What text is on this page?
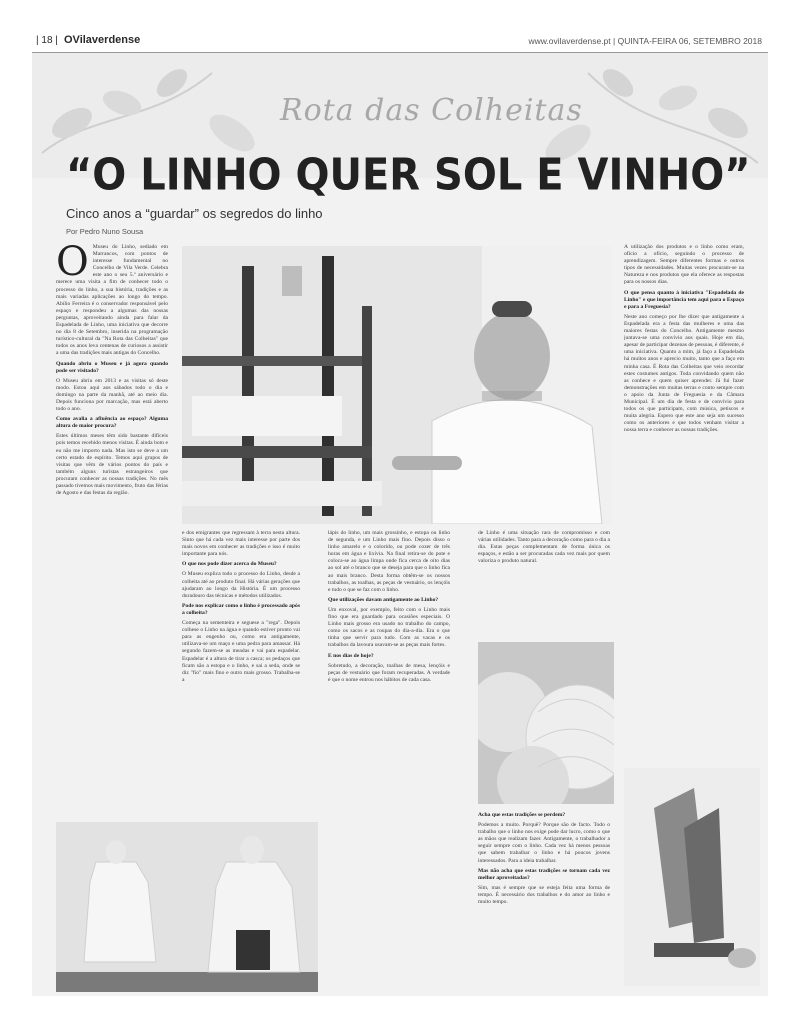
| 18 | OVilaverdense	www.ovilaverdense.pt | QUINTA-FEIRA 06, SETEMBRO 2018
Rota das Colheitas
“O LINHO QUER SOL E VINHO”
Cinco anos a “guardar” os segredos do linho
Por Pedro Nuno Sousa

O Museu do Linho, sediado em Marrancos, com pontos de interesse fundamental no Concelho de Vila Verde. Celebra este ano o seu 5.º aniversário e merece uma visita a fim de conhecer todo o processo do linho, a sua história, tradições e as mais variadas aplicações ao longo do tempo. Abílio Ferreira é o conservador responsável pelo espaço e respondeu a algumas das nossas perguntas, aproveitando ainda para falar da Espadelada de Linho, uma iniciativa que decorre no dia 8 de Setembro, inserida na programação turístico-cultural da "Na Rota das Colheitas" que todos os anos leva centenas de curiosos a assistir a uma das tradições mais antigas do Concelho.

Quando abriu o Museu e já agora quando pode ser visitado?

O Museu abriu em 2013 e as visitas só deste modo. Estou aqui aos sábados todo o dia e domingo na parte da manhã, até ao meio dia. Depois funciona por marcação, mas está aberto todo o ano.

Como avalia a afluência ao espaço? Alguma altura de maior procura?

Estes últimos meses têm sido bastante difíceis pois temos recebido menos visitas. É ainda bom e eu não me importo nada. Mas isto se deve a um certo estado de espírito. Temos aqui grupos de visitas que vêm de vários pontos do país e também alguns turistas estrangeiros que procuram conhecer as nossas tradições. No mês passado tivemos mais movimento, fruto das férias de Agosto e das festas da região.

A utilização dos produtos e o linho como eram, ofício a ofício, seguindo o processo de aprendizagem. Sempre diferentes formas e outros tipos de necessidades. Muitas vezes procuram-se na Natureza e nos produtos que ela oferece as respostas para os nossos dias.

O que pensa quanto à iniciativa "Espadelada de Linho" e que importância tem aqui para o Espaço e para a Freguesia?

Neste ano começo por lhe dizer que antigamente a Espadelada era a festa das mulheres e uma das maiores festas do Concelho. Antigamente mesmo juntava-se uma convívio aos quais. Hoje em dia, apesar de participar dezenas de pessoas, é diferente, é uma iniciativa. Quanto a mim, já faço a Espadelada há muitos anos e aprecio muito, tanto que a faço em minha casa. É Rota das Colheitas que veio recordar estes costumes antigos. Toda convidando quem não as conhece e quem quiser aprender. Já fui fazer demonstrações em muitas terras e conto sempre com o apoio da Junta de Freguesia e da Câmara Municipal. É um dia de festa e de convívio para todos os que participam, com música, petiscos e muita alegria. Espero que este ano seja um sucesso como os anteriores e que todos venham visitar a nossa terra e conhecer as nossas tradições.

e dos emigrantes que regressam à terra nesta altura. Sinto que há cada vez mais interesse por parte dos mais novos em conhecer as tradições e isso é muito importante para nós.

O que nos pode dizer acerca do Museu?

O Museu explica todo o processo do Linho, desde a colheita até ao produto final. Há várias gerações que ajudaram ao longo da História. É um processo duradouro das técnicas e métodos utilizados.

Pode nos explicar como o linho é processado após a colheita?

Começa na sementeira e seguese a "rega". Depois colhese o Linho na água e quando estiver pronto vai para as engenho ou, como era antigamente, utilizava-se um maço e uma pedra para amassar. Há segundo fazem-se as meadas e vai para espadelar. Espadelar é a altura de tirar a casca; os pedaços que ficam são a estopa e o linho, e sai a seda, onde se diz "fio" mais fino e outro mais grosso. Trabalha-se a

lápis do linho, um mais grossinho, e estopa ou linho de segunda, e um Linho mais fino. Depois disso o linho amarelo e o colorido, ou pode cozer de três horas em água e lixívia. Na final retira-se do pote e coloca-se ao água limpa onde fica cerca de oito dias ao sol até o branco que se deseja para que o linho fica ao mais branco. Desta forma obtêm-se os nossos trabalhos, as toalhas, as peças de vestuário, os lençóis e tudo o que se faz com o linho.

Que utilizações davam antigamente ao Linho?

Um enxoval, por exemplo, feito com o Linho mais fino que era guardado para ocasiões especiais. O Linho mais grosso era usado no trabalho do campo, como os sacos e as roupas do dia-a-dia. Era o que tinha que servir para tudo. Com as vacas e os trabalhos da lavoura usavam-se as peças mais fortes.

E nos dias de hoje?

Sobretudo, a decoração, toalhas de mesa, lençóis e peças de vestuário que foram recuperadas. A verdade é que o nome entrou nos hábitos de cada casa.

de Linho é uma situação rara de compromisso e com várias utilidades. Tanto para a decoração como para o dia a dia. Estas peças complementam de forma única os espaços, e estão a ser procuradas cada vez mais por quem valoriza o produto natural.

Acha que estas tradições se perdem?

Podemos a muito. Porquê? Porque são de facto. Todo o trabalho que o linho nos exige pode dar lucro, como o que as mãos que realizam fazer. Antigamente, o trabalhador a seguir sempre com o linho. Cada vez há menos pessoas que sabem trabalhar o linho e há poucos jovens interessados. Para a ideia trabalhar.

Mas não acha que estas tradições se tornam cada vez melhor aproveitadas?

Sim, mas é sempre que se esteja feita uma forma de tempo. É necessário dos trabalhos e do amor ao linho e muito tempo.
